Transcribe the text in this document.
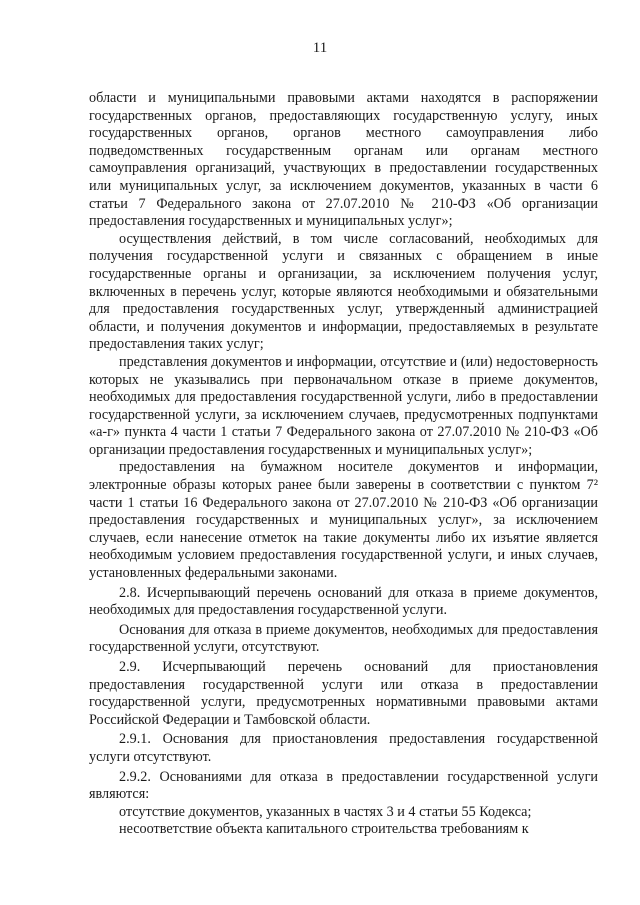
11

области и муниципальными правовыми актами находятся в распоряжении государственных органов, предоставляющих государственную услугу, иных государственных органов, органов местного самоуправления либо подведомственных государственным органам или органам местного самоуправления организаций, участвующих в предоставлении государственных или муниципальных услуг, за исключением документов, указанных в части 6 статьи 7 Федерального закона от 27.07.2010 № 210-ФЗ «Об организации предоставления государственных и муниципальных услуг»;

осуществления действий, в том числе согласований, необходимых для получения государственной услуги и связанных с обращением в иные государственные органы и организации, за исключением получения услуг, включенных в перечень услуг, которые являются необходимыми и обязательными для предоставления государственных услуг, утвержденный администрацией области, и получения документов и информации, предоставляемых в результате предоставления таких услуг;

представления документов и информации, отсутствие и (или) недостоверность которых не указывались при первоначальном отказе в приеме документов, необходимых для предоставления государственной услуги, либо в предоставлении государственной услуги, за исключением случаев, предусмотренных подпунктами «а-г» пункта 4 части 1 статьи 7 Федерального закона от 27.07.2010 № 210-ФЗ «Об организации предоставления государственных и муниципальных услуг»;

предоставления на бумажном носителе документов и информации, электронные образы которых ранее были заверены в соответствии с пунктом 7² части 1 статьи 16 Федерального закона от 27.07.2010 № 210-ФЗ «Об организации предоставления государственных и муниципальных услуг», за исключением случаев, если нанесение отметок на такие документы либо их изъятие является необходимым условием предоставления государственной услуги, и иных случаев, установленных федеральными законами.

2.8. Исчерпывающий перечень оснований для отказа в приеме документов, необходимых для предоставления государственной услуги.

Основания для отказа в приеме документов, необходимых для предоставления государственной услуги, отсутствуют.

2.9. Исчерпывающий перечень оснований для приостановления предоставления государственной услуги или отказа в предоставлении государственной услуги, предусмотренных нормативными правовыми актами Российской Федерации и Тамбовской области.

2.9.1. Основания для приостановления предоставления государственной услуги отсутствуют.

2.9.2. Основаниями для отказа в предоставлении государственной услуги являются:

отсутствие документов, указанных в частях 3 и 4 статьи 55 Кодекса;

несоответствие объекта капитального строительства требованиям к
